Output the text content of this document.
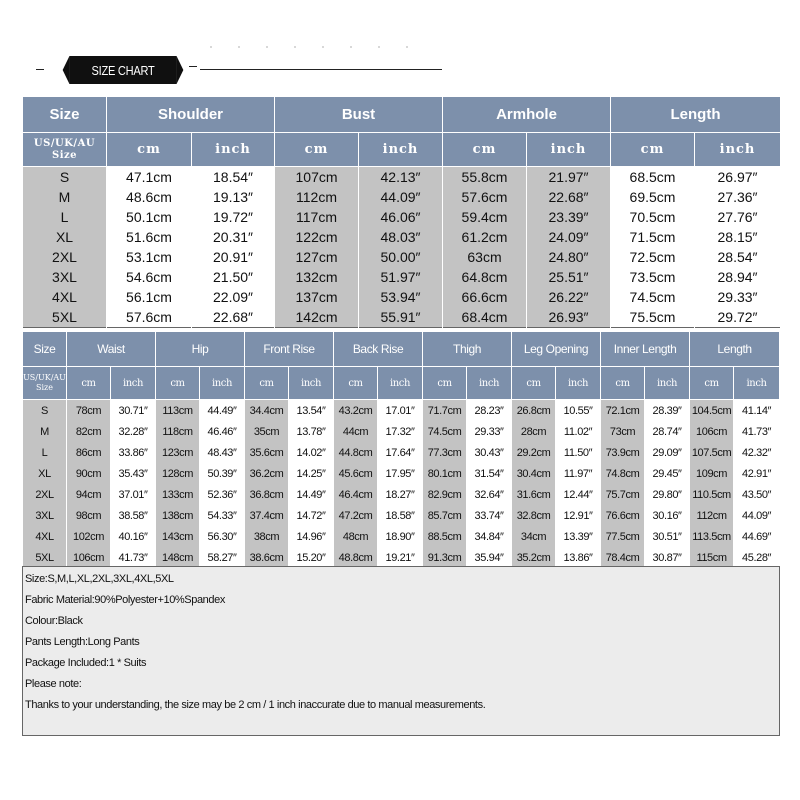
SIZE CHART
Size	Shoulder		Bust		Armhole		Length	
US/UK/AU Size	cm	inch	cm	inch	cm	inch	cm	inch
S	47.1cm	18.54″	107cm	42.13″	55.8cm	21.97″	68.5cm	26.97″
M	48.6cm	19.13″	112cm	44.09″	57.6cm	22.68″	69.5cm	27.36″
L	50.1cm	19.72″	117cm	46.06″	59.4cm	23.39″	70.5cm	27.76″
XL	51.6cm	20.31″	122cm	48.03″	61.2cm	24.09″	71.5cm	28.15″
2XL	53.1cm	20.91″	127cm	50.00″	63cm	24.80″	72.5cm	28.54″
3XL	54.6cm	21.50″	132cm	51.97″	64.8cm	25.51″	73.5cm	28.94″
4XL	56.1cm	22.09″	137cm	53.94″	66.6cm	26.22″	74.5cm	29.33″
5XL	57.6cm	22.68″	142cm	55.91″	68.4cm	26.93″	75.5cm	29.72″
Size	Waist		Hip		Front Rise		Back Rise		Thigh		Leg Opening		Inner Length		Length	
US/UK/AU Size	cm	inch	cm	inch	cm	inch	cm	inch	cm	inch	cm	inch	cm	inch	cm	inch
S	78cm	30.71″	113cm	44.49″	34.4cm	13.54″	43.2cm	17.01″	71.7cm	28.23″	26.8cm	10.55″	72.1cm	28.39″	104.5cm	41.14″
M	82cm	32.28″	118cm	46.46″	35cm	13.78″	44cm	17.32″	74.5cm	29.33″	28cm	11.02″	73cm	28.74″	106cm	41.73″
L	86cm	33.86″	123cm	48.43″	35.6cm	14.02″	44.8cm	17.64″	77.3cm	30.43″	29.2cm	11.50″	73.9cm	29.09″	107.5cm	42.32″
XL	90cm	35.43″	128cm	50.39″	36.2cm	14.25″	45.6cm	17.95″	80.1cm	31.54″	30.4cm	11.97″	74.8cm	29.45″	109cm	42.91″
2XL	94cm	37.01″	133cm	52.36″	36.8cm	14.49″	46.4cm	18.27″	82.9cm	32.64″	31.6cm	12.44″	75.7cm	29.80″	110.5cm	43.50″
3XL	98cm	38.58″	138cm	54.33″	37.4cm	14.72″	47.2cm	18.58″	85.7cm	33.74″	32.8cm	12.91″	76.6cm	30.16″	112cm	44.09″
4XL	102cm	40.16″	143cm	56.30″	38cm	14.96″	48cm	18.90″	88.5cm	34.84″	34cm	13.39″	77.5cm	30.51″	113.5cm	44.69″
5XL	106cm	41.73″	148cm	58.27″	38.6cm	15.20″	48.8cm	19.21″	91.3cm	35.94″	35.2cm	13.86″	78.4cm	30.87″	115cm	45.28″
Size:S,M,L,XL,2XL,3XL,4XL,5XL
Fabric Material:90%Polyester+10%Spandex
Colour:Black
Pants Length:Long Pants
Package Included:1 * Suits
Please note:
Thanks to your understanding, the size may be 2 cm / 1 inch inaccurate due to manual measurements.
